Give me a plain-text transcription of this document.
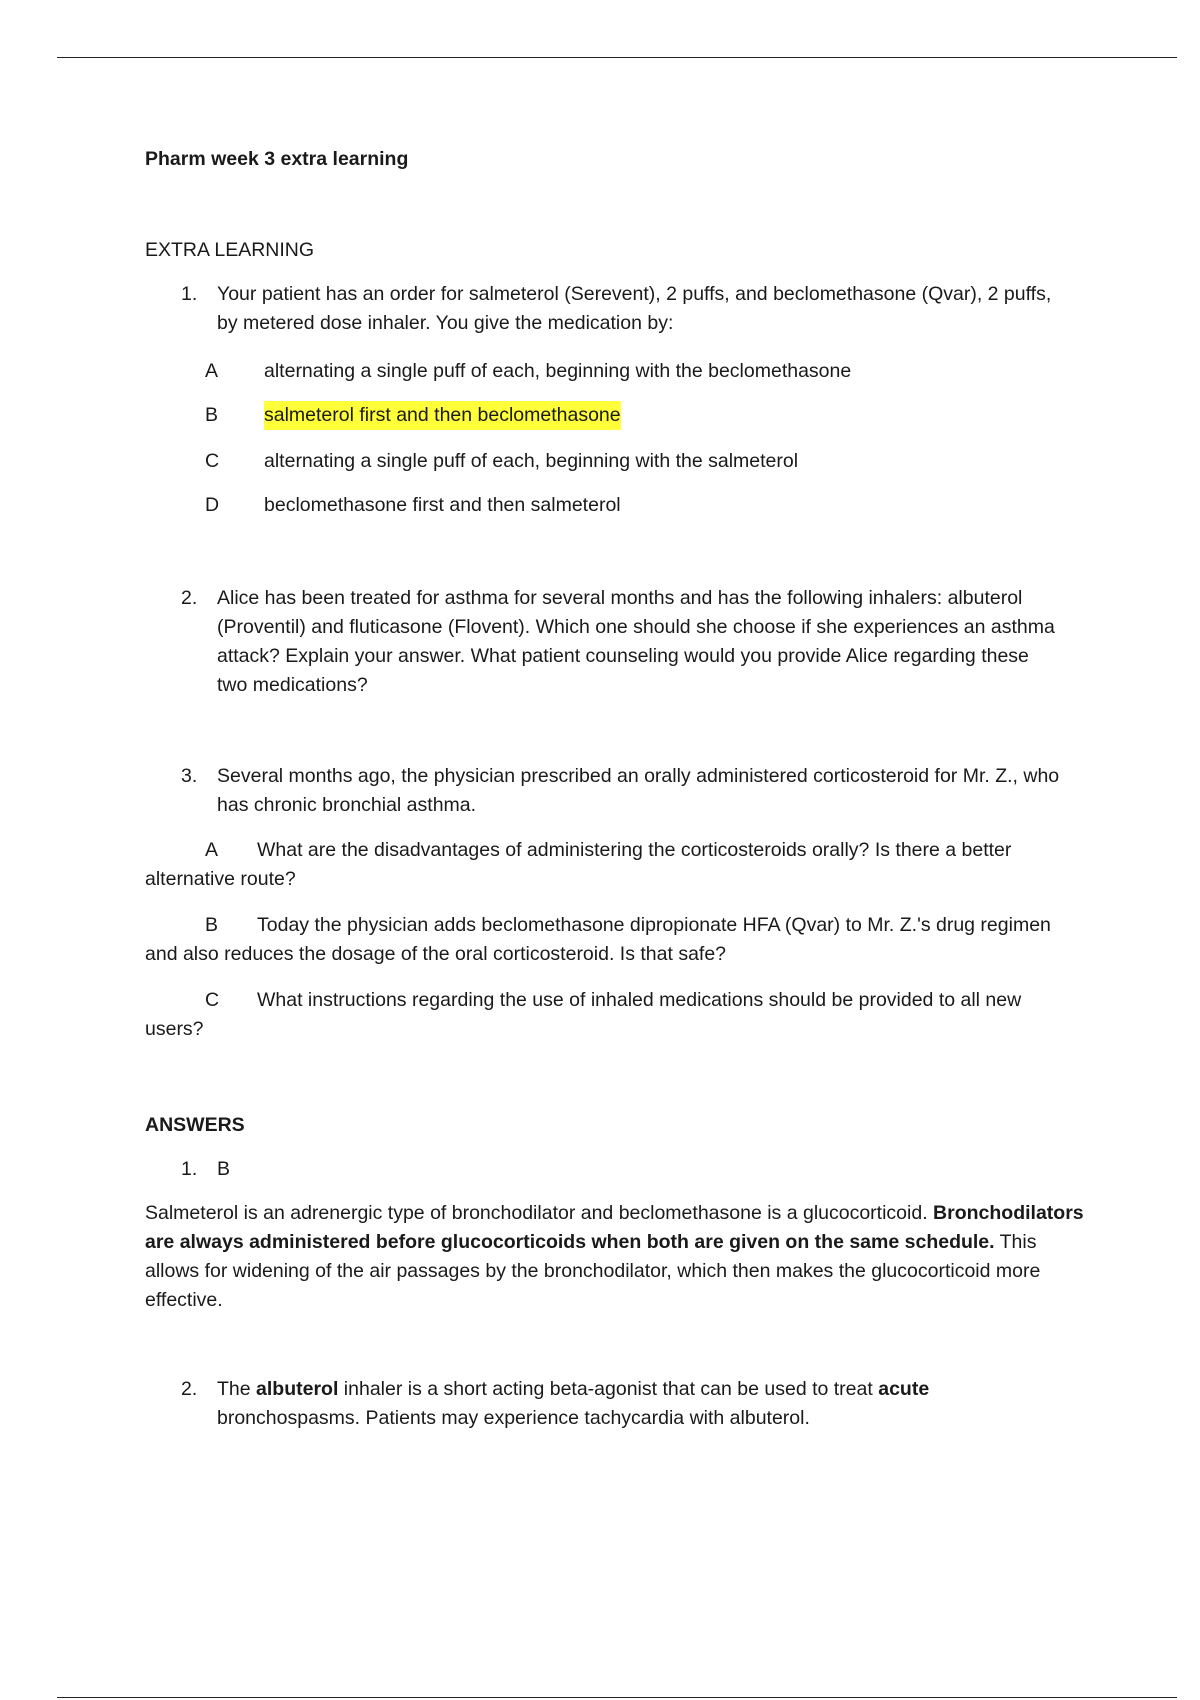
Pharm week 3 extra learning
EXTRA LEARNING
1.	Your patient has an order for salmeterol (Serevent), 2 puffs, and beclomethasone (Qvar), 2 puffs, by metered dose inhaler. You give the medication by:
A	alternating a single puff of each, beginning with the beclomethasone
B	salmeterol first and then beclomethasone
C	alternating a single puff of each, beginning with the salmeterol
D	beclomethasone first and then salmeterol
2.	Alice has been treated for asthma for several months and has the following inhalers: albuterol (Proventil) and fluticasone (Flovent). Which one should she choose if she experiences an asthma attack? Explain your answer. What patient counseling would you provide Alice regarding these two medications?
3.	Several months ago, the physician prescribed an orally administered corticosteroid for Mr. Z., who has chronic bronchial asthma.
A What are the disadvantages of administering the corticosteroids orally? Is there a better alternative route?
B Today the physician adds beclomethasone dipropionate HFA (Qvar) to Mr. Z.'s drug regimen and also reduces the dosage of the oral corticosteroid. Is that safe?
C What instructions regarding the use of inhaled medications should be provided to all new users?
ANSWERS
1.	B
Salmeterol is an adrenergic type of bronchodilator and beclomethasone is a glucocorticoid. Bronchodilators are always administered before glucocorticoids when both are given on the same schedule. This allows for widening of the air passages by the bronchodilator, which then makes the glucocorticoid more effective.
2.	The albuterol inhaler is a short acting beta-agonist that can be used to treat acute bronchospasms. Patients may experience tachycardia with albuterol.
